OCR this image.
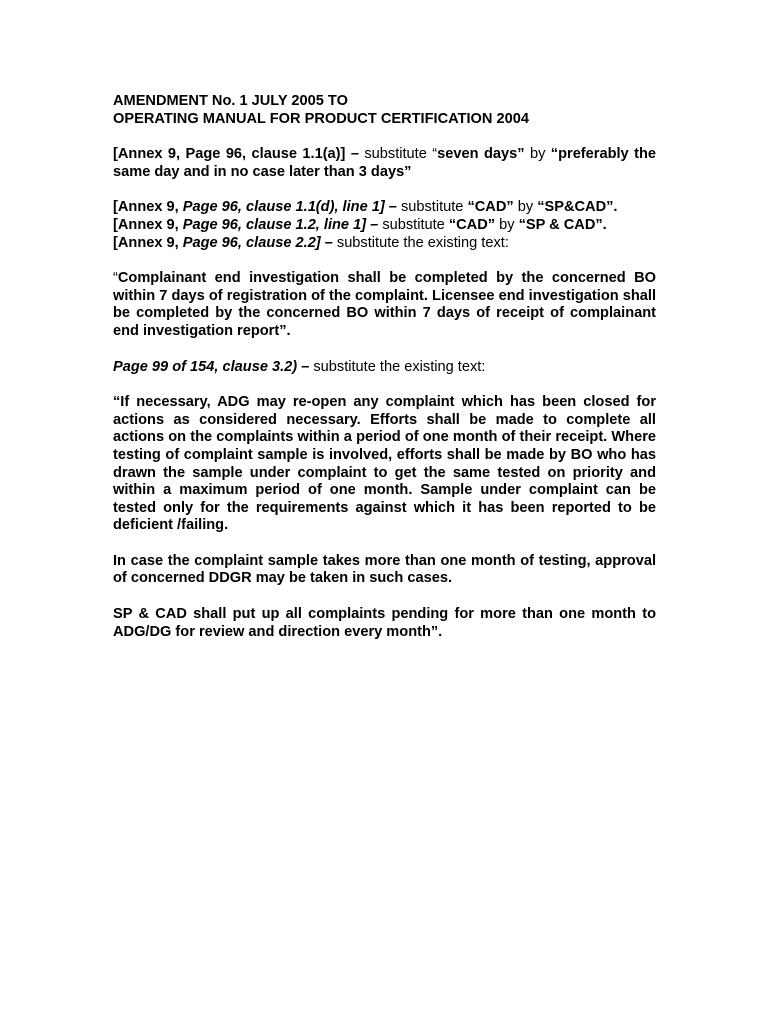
AMENDMENT No. 1 JULY 2005 TO
OPERATING MANUAL FOR PRODUCT CERTIFICATION 2004

[Annex 9, Page 96, clause 1.1(a)] – substitute “seven days” by “preferably the same day and in no case later than 3 days”

[Annex 9, Page 96, clause 1.1(d), line 1] – substitute “CAD” by “SP&CAD”.

[Annex 9, Page 96, clause 1.2, line 1] – substitute “CAD” by “SP & CAD”.

[Annex 9, Page 96, clause 2.2] – substitute the existing text:

“Complainant end investigation shall be completed by the concerned BO within 7 days of registration of the complaint. Licensee end investigation shall be completed by the concerned BO within 7 days of receipt of complainant end investigation report”.

Page 99 of 154, clause 3.2) – substitute the existing text:

“If necessary, ADG may re-open any complaint which has been closed for actions as considered necessary. Efforts shall be made to complete all actions on the complaints within a period of one month of their receipt. Where testing of complaint sample is involved, efforts shall be made by BO who has drawn the sample under complaint to get the same tested on priority and within a maximum period of one month. Sample under complaint can be tested only for the requirements against which it has been reported to be deficient /failing.

In case the complaint sample takes more than one month of testing, approval of concerned DDGR may be taken in such cases.

SP & CAD shall put up all complaints pending for more than one month to ADG/DG for review and direction every month”.
